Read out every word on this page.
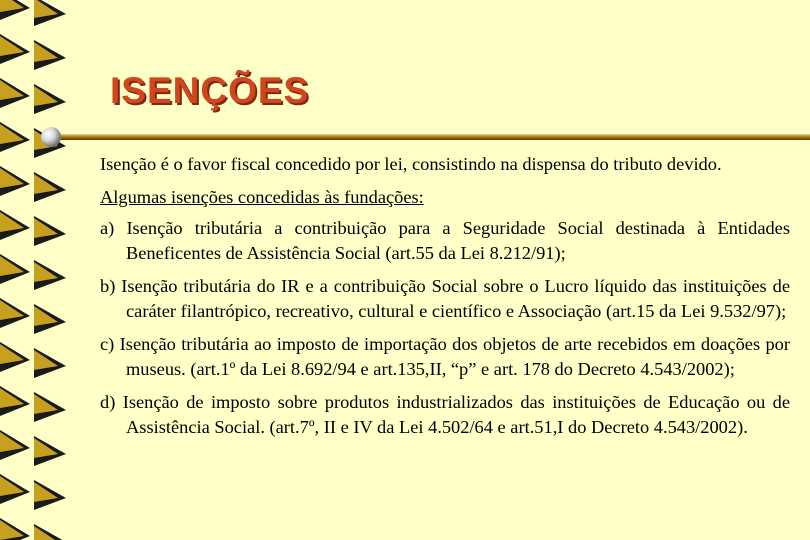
ISENÇÕES

Isenção é o favor fiscal concedido por lei, consistindo na dispensa do tributo devido.

Algumas isenções concedidas às fundações:

a) Isenção tributária a contribuição para a Seguridade Social destinada à Entidades Beneficentes de Assistência Social (art.55 da Lei 8.212/91);

b) Isenção tributária do IR e a contribuição Social sobre o Lucro líquido das instituições de caráter filantrópico, recreativo, cultural e científico e Associação (art.15 da Lei 9.532/97);

c) Isenção tributária ao imposto de importação dos objetos de arte recebidos em doações por museus. (art.1º da Lei 8.692/94 e art.135,II, “p” e art. 178 do Decreto 4.543/2002);

d) Isenção de imposto sobre produtos industrializados das instituições de Educação ou de Assistência Social. (art.7º, II e IV da Lei 4.502/64 e art.51,I do Decreto 4.543/2002).
